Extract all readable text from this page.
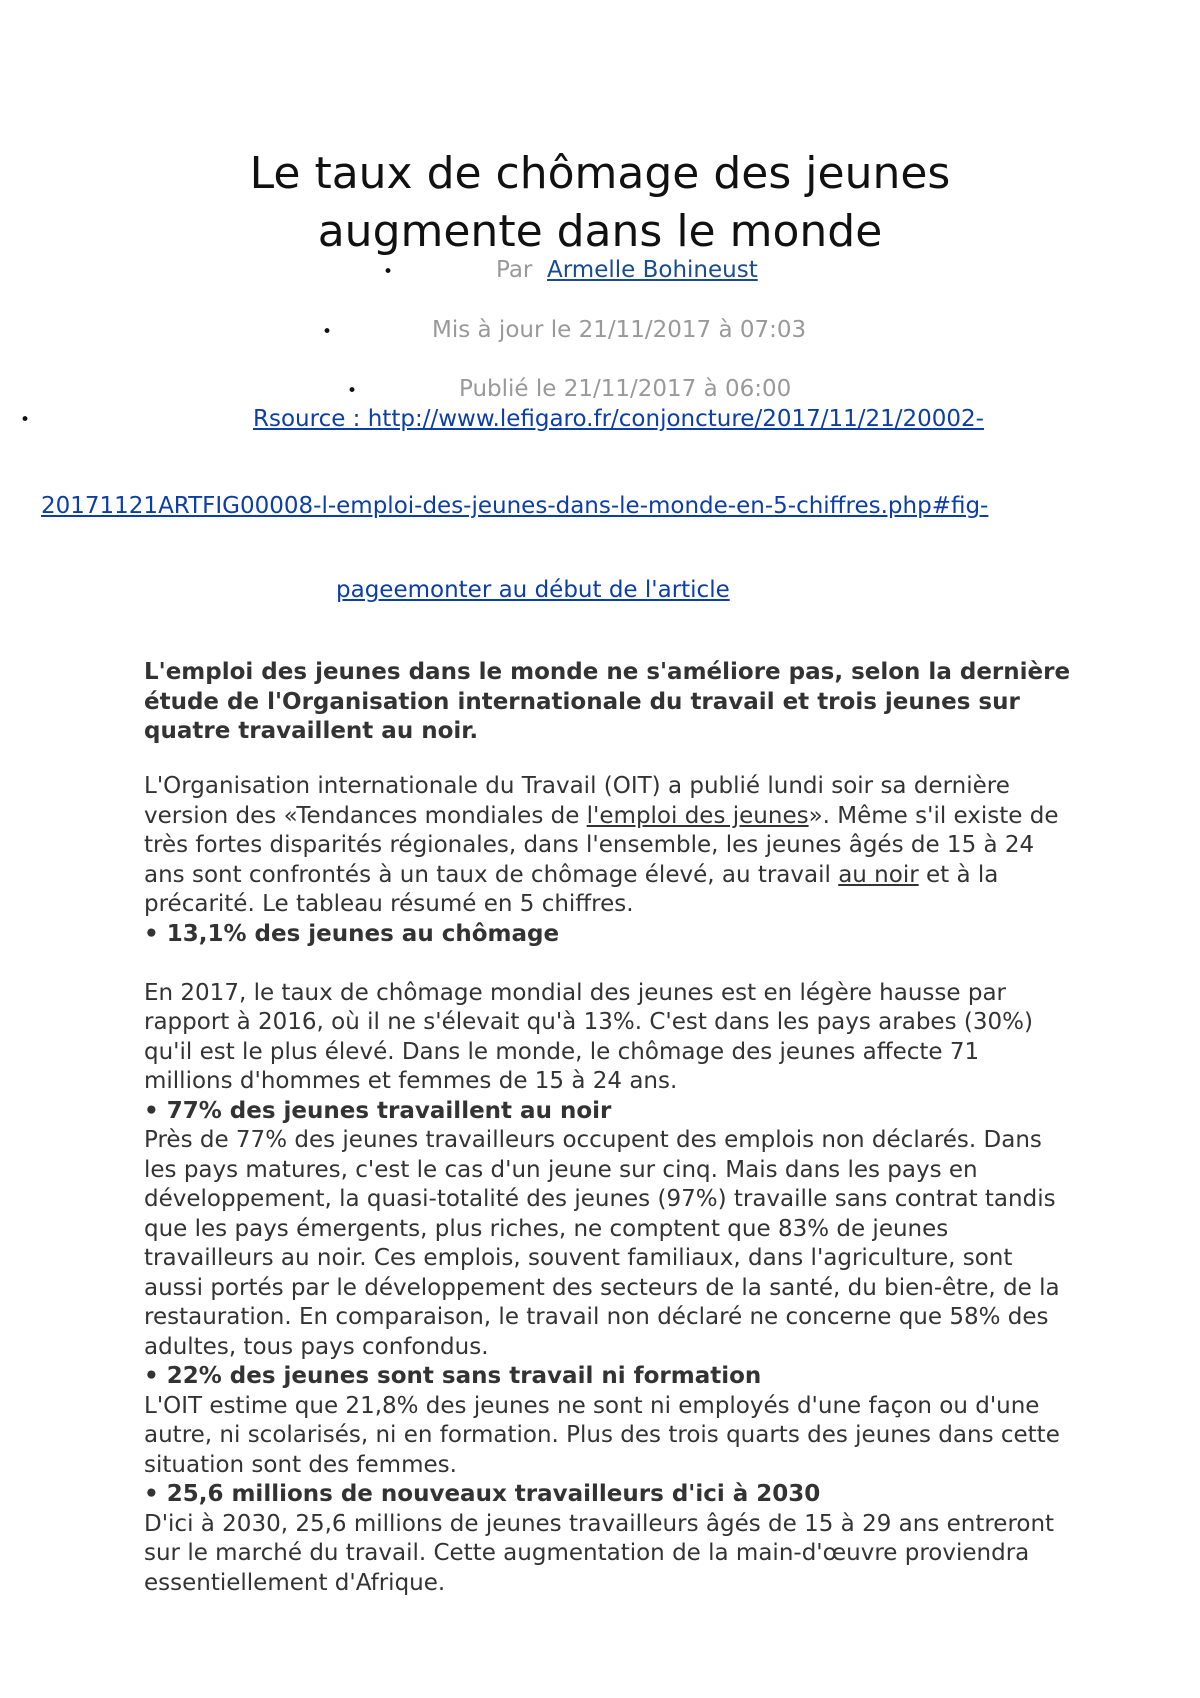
Le taux de chômage des jeunes
augmente dans le monde
•	Par Armelle Bohineust
•	Mis à jour le 21/11/2017 à 07:03
•	Publié le 21/11/2017 à 06:00
•	Rsource : http://www.lefigaro.fr/conjoncture/2017/11/21/20002-
20171121ARTFIG00008-l-emploi-des-jeunes-dans-le-monde-en-5-chiffres.php#fig-
pageemonter au début de l'article

L'emploi des jeunes dans le monde ne s'améliore pas, selon la dernière étude de l'Organisation internationale du travail et trois jeunes sur quatre travaillent au noir.

L'Organisation internationale du Travail (OIT) a publié lundi soir sa dernière version des «Tendances mondiales de l'emploi des jeunes». Même s'il existe de très fortes disparités régionales, dans l'ensemble, les jeunes âgés de 15 à 24 ans sont confrontés à un taux de chômage élevé, au travail au noir et à la précarité. Le tableau résumé en 5 chiffres.

• 13,1% des jeunes au chômage

En 2017, le taux de chômage mondial des jeunes est en légère hausse par rapport à 2016, où il ne s'élevait qu'à 13%. C'est dans les pays arabes (30%) qu'il est le plus élevé. Dans le monde, le chômage des jeunes affecte 71 millions d'hommes et femmes de 15 à 24 ans.

• 77% des jeunes travaillent au noir

Près de 77% des jeunes travailleurs occupent des emplois non déclarés. Dans les pays matures, c'est le cas d'un jeune sur cinq. Mais dans les pays en développement, la quasi-totalité des jeunes (97%) travaille sans contrat tandis que les pays émergents, plus riches, ne comptent que 83% de jeunes travailleurs au noir. Ces emplois, souvent familiaux, dans l'agriculture, sont aussi portés par le développement des secteurs de la santé, du bien-être, de la restauration. En comparaison, le travail non déclaré ne concerne que 58% des adultes, tous pays confondus.

• 22% des jeunes sont sans travail ni formation

L'OIT estime que 21,8% des jeunes ne sont ni employés d'une façon ou d'une autre, ni scolarisés, ni en formation. Plus des trois quarts des jeunes dans cette situation sont des femmes.

• 25,6 millions de nouveaux travailleurs d'ici à 2030

D'ici à 2030, 25,6 millions de jeunes travailleurs âgés de 15 à 29 ans entreront sur le marché du travail. Cette augmentation de la main-d'œuvre proviendra essentiellement d'Afrique.
